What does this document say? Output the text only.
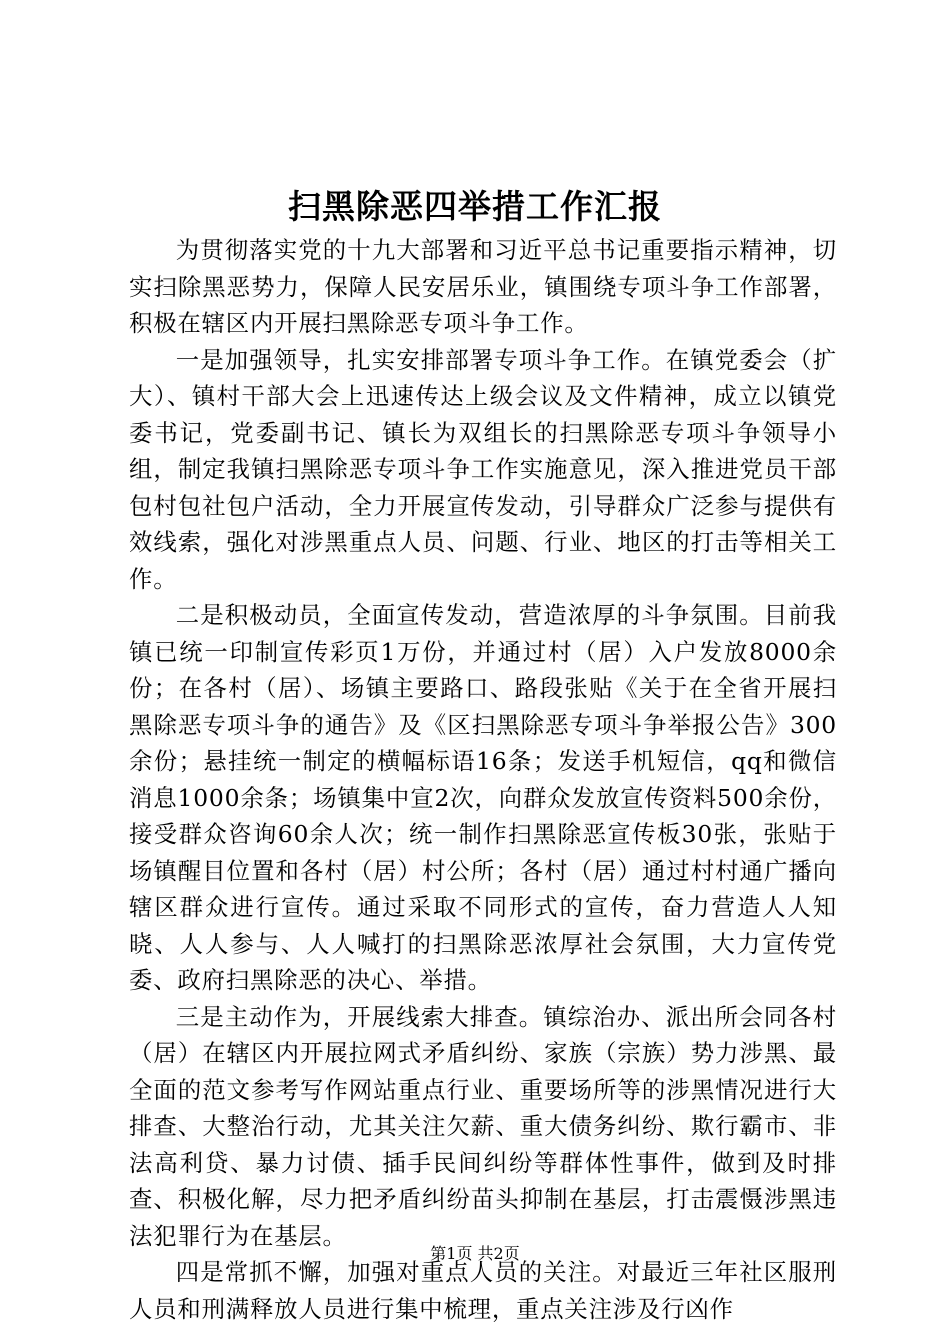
扫黑除恶四举措工作汇报

为贯彻落实党的十九大部署和习近平总书记重要指示精神，切实扫除黑恶势力，保障人民安居乐业，镇围绕专项斗争工作部署，积极在辖区内开展扫黑除恶专项斗争工作。

一是加强领导，扎实安排部署专项斗争工作。在镇党委会（扩大）、镇村干部大会上迅速传达上级会议及文件精神，成立以镇党委书记，党委副书记、镇长为双组长的扫黑除恶专项斗争领导小组，制定我镇扫黑除恶专项斗争工作实施意见，深入推进党员干部包村包社包户活动，全力开展宣传发动，引导群众广泛参与提供有效线索，强化对涉黑重点人员、问题、行业、地区的打击等相关工作。

二是积极动员，全面宣传发动，营造浓厚的斗争氛围。目前我镇已统一印制宣传彩页1万份，并通过村（居）入户发放8000余份；在各村（居）、场镇主要路口、路段张贴《关于在全省开展扫黑除恶专项斗争的通告》及《区扫黑除恶专项斗争举报公告》300余份；悬挂统一制定的横幅标语16条；发送手机短信，qq和微信消息1000余条；场镇集中宣2次，向群众发放宣传资料500余份，接受群众咨询60余人次；统一制作扫黑除恶宣传板30张，张贴于场镇醒目位置和各村（居）村公所；各村（居）通过村村通广播向辖区群众进行宣传。通过采取不同形式的宣传，奋力营造人人知晓、人人参与、人人喊打的扫黑除恶浓厚社会氛围，大力宣传党委、政府扫黑除恶的决心、举措。

三是主动作为，开展线索大排查。镇综治办、派出所会同各村（居）在辖区内开展拉网式矛盾纠纷、家族（宗族）势力涉黑、最全面的范文参考写作网站重点行业、重要场所等的涉黑情况进行大排查、大整治行动，尤其关注欠薪、重大债务纠纷、欺行霸市、非法高利贷、暴力讨债、插手民间纠纷等群体性事件，做到及时排查、积极化解，尽力把矛盾纠纷苗头抑制在基层，打击震慑涉黑违法犯罪行为在基层。

四是常抓不懈，加强对重点人员的关注。对最近三年社区服刑人员和刑满释放人员进行集中梳理，重点关注涉及行凶作

第1页 共2页
